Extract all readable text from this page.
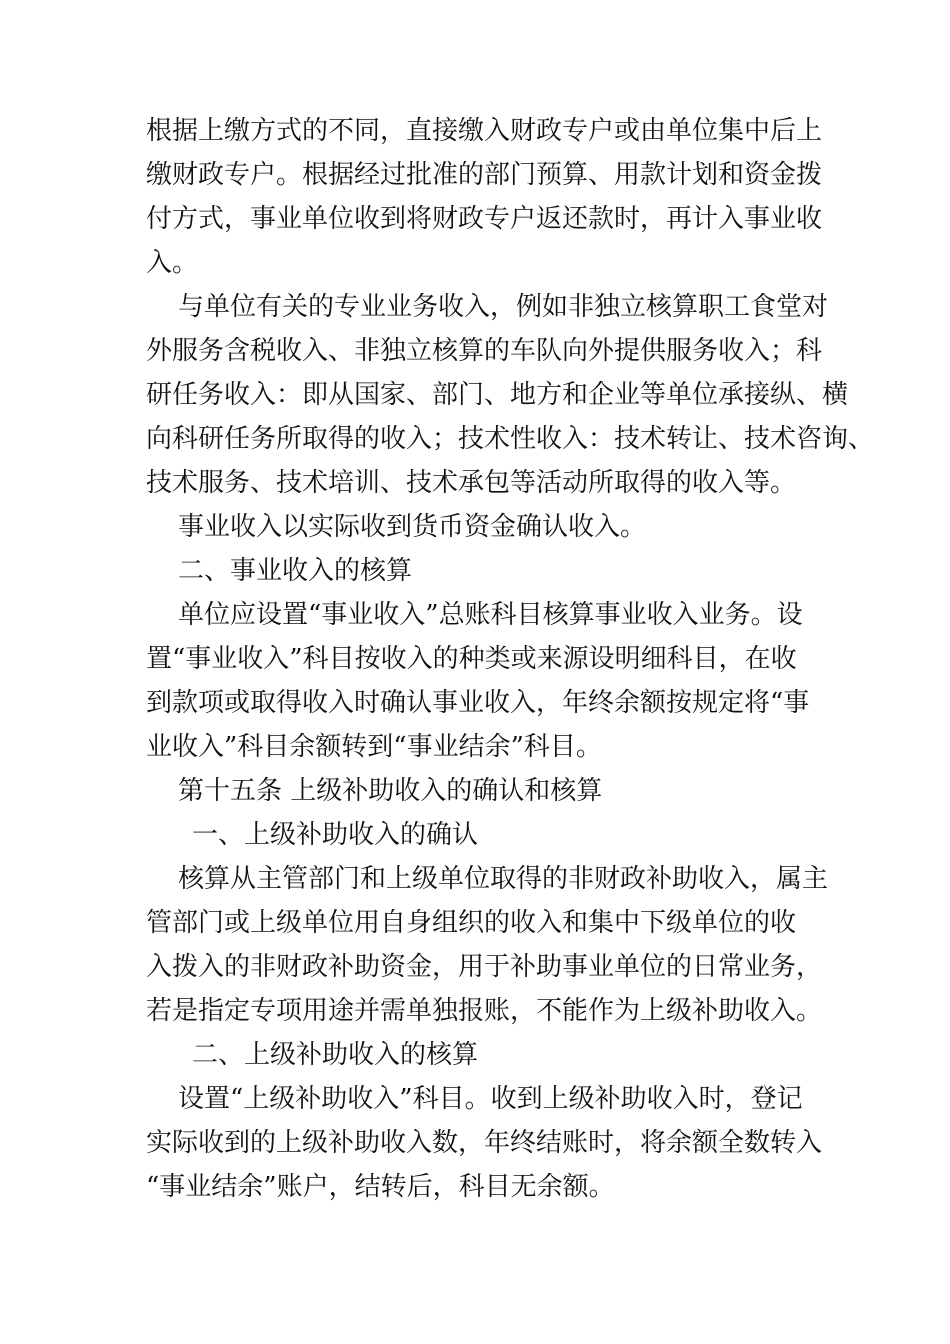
根据上缴方式的不同，直接缴入财政专户或由单位集中后上
缴财政专户。根据经过批准的部门预算、用款计划和资金拨
付方式，事业单位收到将财政专户返还款时，再计入事业收
入。
与单位有关的专业业务收入，例如非独立核算职工食堂对
外服务含税收入、非独立核算的车队向外提供服务收入；科
研任务收入：即从国家、部门、地方和企业等单位承接纵、横
向科研任务所取得的收入；技术性收入：技术转让、技术咨询、
技术服务、技术培训、技术承包等活动所取得的收入等。
事业收入以实际收到货币资金确认收入。
二、事业收入的核算
单位应设置“事业收入”总账科目核算事业收入业务。设
置“事业收入”科目按收入的种类或来源设明细科目，在收
到款项或取得收入时确认事业收入，年终余额按规定将“事
业收入”科目余额转到“事业结余”科目。
第十五条 上级补助收入的确认和核算
一、上级补助收入的确认
核算从主管部门和上级单位取得的非财政补助收入，属主
管部门或上级单位用自身组织的收入和集中下级单位的收
入拨入的非财政补助资金，用于补助事业单位的日常业务，
若是指定专项用途并需单独报账，不能作为上级补助收入。
二、上级补助收入的核算
设置“上级补助收入”科目。收到上级补助收入时，登记
实际收到的上级补助收入数，年终结账时，将余额全数转入
“事业结余”账户，结转后，科目无余额。
